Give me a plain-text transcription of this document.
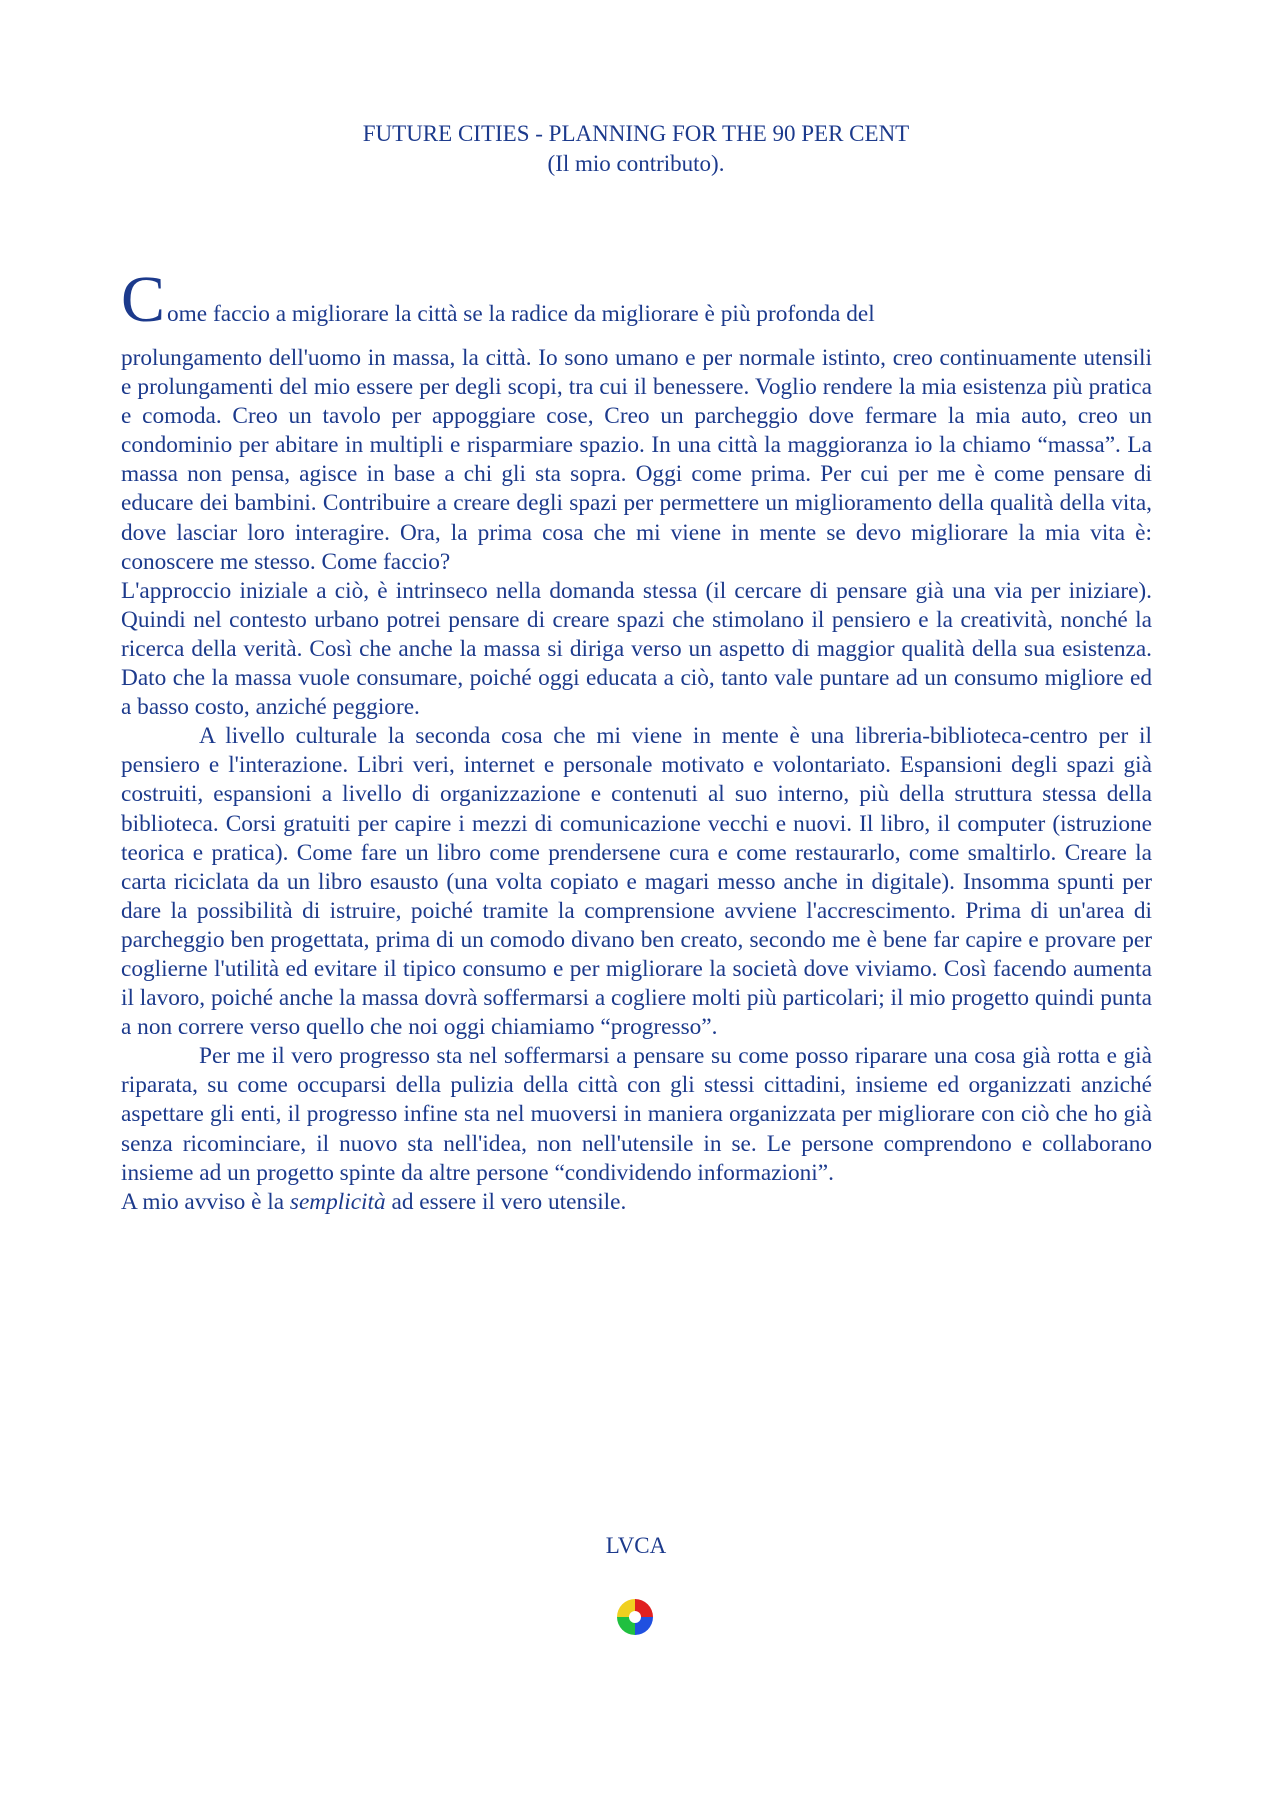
FUTURE CITIES - PLANNING FOR THE 90 PER CENT
(Il mio contributo).

Come faccio a migliorare la città se la radice da migliorare è più profonda del

prolungamento dell'uomo in massa, la città. Io sono umano e per normale istinto, creo continuamente utensili e prolungamenti del mio essere per degli scopi, tra cui il benessere. Voglio rendere la mia esistenza più pratica e comoda. Creo un tavolo per appoggiare cose, Creo un parcheggio dove fermare la mia auto, creo un condominio per abitare in multipli e risparmiare spazio. In una città la maggioranza io la chiamo “massa”. La massa non pensa, agisce in base a chi gli sta sopra. Oggi come prima. Per cui per me è come pensare di educare dei bambini. Contribuire a creare degli spazi per permettere un miglioramento della qualità della vita, dove lasciar loro interagire. Ora, la prima cosa che mi viene in mente se devo migliorare la mia vita è: conoscere me stesso. Come faccio?

L'approccio iniziale a ciò, è intrinseco nella domanda stessa (il cercare di pensare già una via per iniziare). Quindi nel contesto urbano potrei pensare di creare spazi che stimolano il pensiero e la creatività, nonché la ricerca della verità. Così che anche la massa si diriga verso un aspetto di maggior qualità della sua esistenza. Dato che la massa vuole consumare, poiché oggi educata a ciò, tanto vale puntare ad un consumo migliore ed a basso costo, anziché peggiore.

A livello culturale la seconda cosa che mi viene in mente è una libreria-biblioteca-centro per il pensiero e l'interazione. Libri veri, internet e personale motivato e volontariato. Espansioni degli spazi già costruiti, espansioni a livello di organizzazione e contenuti al suo interno, più della struttura stessa della biblioteca. Corsi gratuiti per capire i mezzi di comunicazione vecchi e nuovi. Il libro, il computer (istruzione teorica e pratica). Come fare un libro come prendersene cura e come restaurarlo, come smaltirlo. Creare la carta riciclata da un libro esausto (una volta copiato e magari messo anche in digitale). Insomma spunti per dare la possibilità di istruire, poiché tramite la comprensione avviene l'accrescimento. Prima di un'area di parcheggio ben progettata, prima di un comodo divano ben creato, secondo me è bene far capire e provare per coglierne l'utilità ed evitare il tipico consumo e per migliorare la società dove viviamo. Così facendo aumenta il lavoro, poiché anche la massa dovrà soffermarsi a cogliere molti più particolari; il mio progetto quindi punta a non correre verso quello che noi oggi chiamiamo “progresso”.

Per me il vero progresso sta nel soffermarsi a pensare su come posso riparare una cosa già rotta e già riparata, su come occuparsi della pulizia della città con gli stessi cittadini, insieme ed organizzati anziché aspettare gli enti, il progresso infine sta nel muoversi in maniera organizzata per migliorare con ciò che ho già senza ricominciare, il nuovo sta nell'idea, non nell'utensile in se. Le persone comprendono e collaborano insieme ad un progetto spinte da altre persone “condividendo informazioni”.

A mio avviso è la semplicità ad essere il vero utensile.

LVCA
